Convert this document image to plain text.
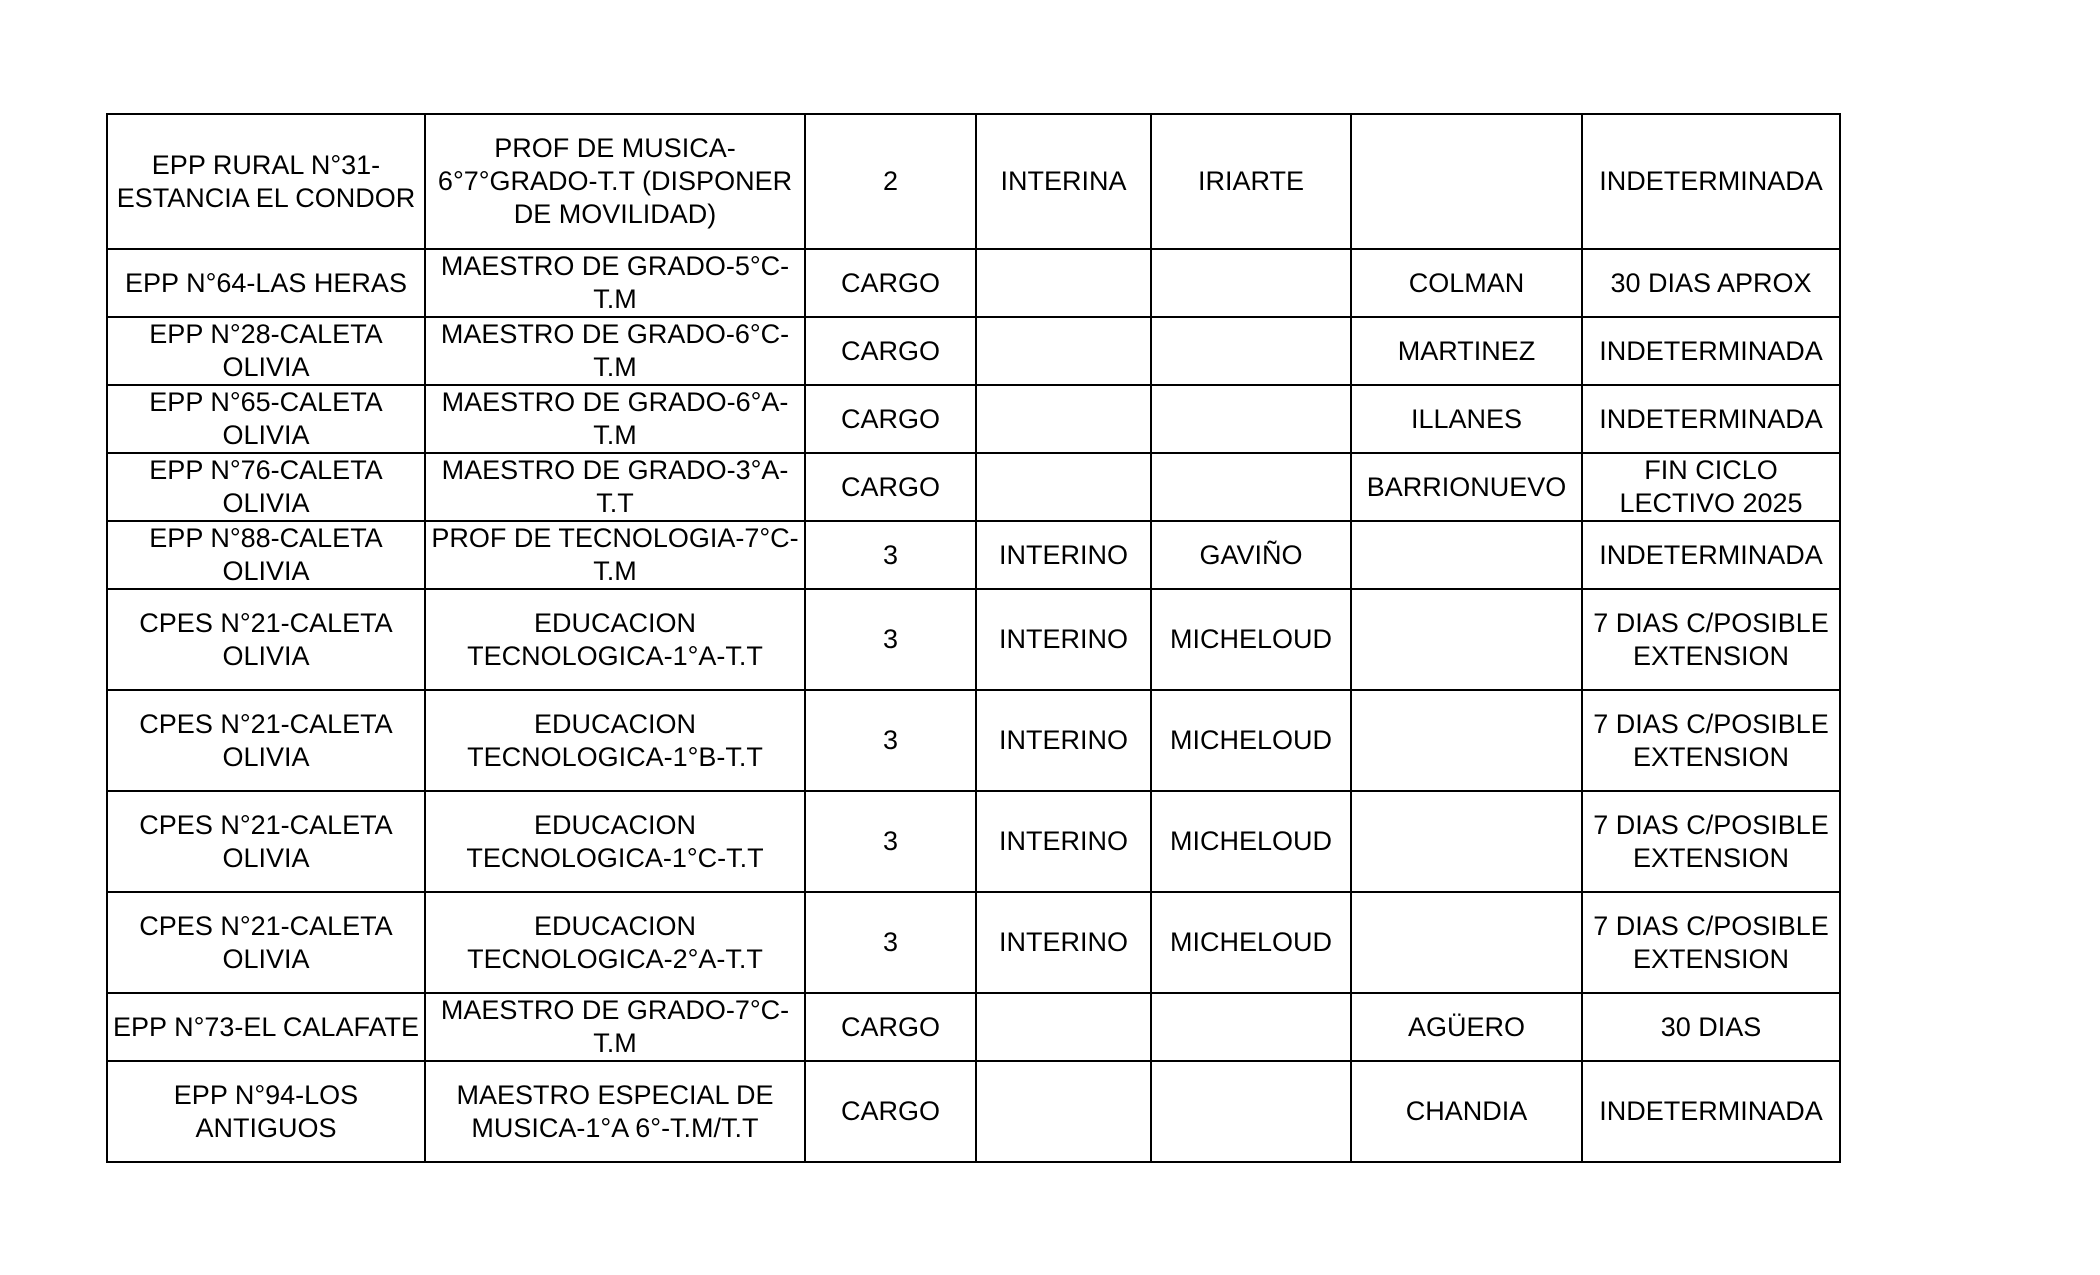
EPP RURAL N°31-ESTANCIA EL CONDOR	PROF DE MUSICA-6°7°GRADO-T.T (DISPONER DE MOVILIDAD)	2	INTERINA	IRIARTE		INDETERMINADA
EPP N°64-LAS HERAS	MAESTRO DE GRADO-5°C-T.M	CARGO			COLMAN	30 DIAS APROX
EPP N°28-CALETA OLIVIA	MAESTRO DE GRADO-6°C-T.M	CARGO			MARTINEZ	INDETERMINADA
EPP N°65-CALETA OLIVIA	MAESTRO DE GRADO-6°A-T.M	CARGO			ILLANES	INDETERMINADA
EPP N°76-CALETA OLIVIA	MAESTRO DE GRADO-3°A-T.T	CARGO			BARRIONUEVO	FIN CICLO LECTIVO 2025
EPP N°88-CALETA OLIVIA	PROF DE TECNOLOGIA-7°C-T.M	3	INTERINO	GAVIÑO		INDETERMINADA
CPES N°21-CALETA OLIVIA	EDUCACION TECNOLOGICA-1°A-T.T	3	INTERINO	MICHELOUD		7 DIAS C/POSIBLE EXTENSION
CPES N°21-CALETA OLIVIA	EDUCACION TECNOLOGICA-1°B-T.T	3	INTERINO	MICHELOUD		7 DIAS C/POSIBLE EXTENSION
CPES N°21-CALETA OLIVIA	EDUCACION TECNOLOGICA-1°C-T.T	3	INTERINO	MICHELOUD		7 DIAS C/POSIBLE EXTENSION
CPES N°21-CALETA OLIVIA	EDUCACION TECNOLOGICA-2°A-T.T	3	INTERINO	MICHELOUD		7 DIAS C/POSIBLE EXTENSION
EPP N°73-EL CALAFATE	MAESTRO DE GRADO-7°C-T.M	CARGO			AGÜERO	30 DIAS
EPP N°94-LOS ANTIGUOS	MAESTRO ESPECIAL DE MUSICA-1°A 6°-T.M/T.T	CARGO			CHANDIA	INDETERMINADA
